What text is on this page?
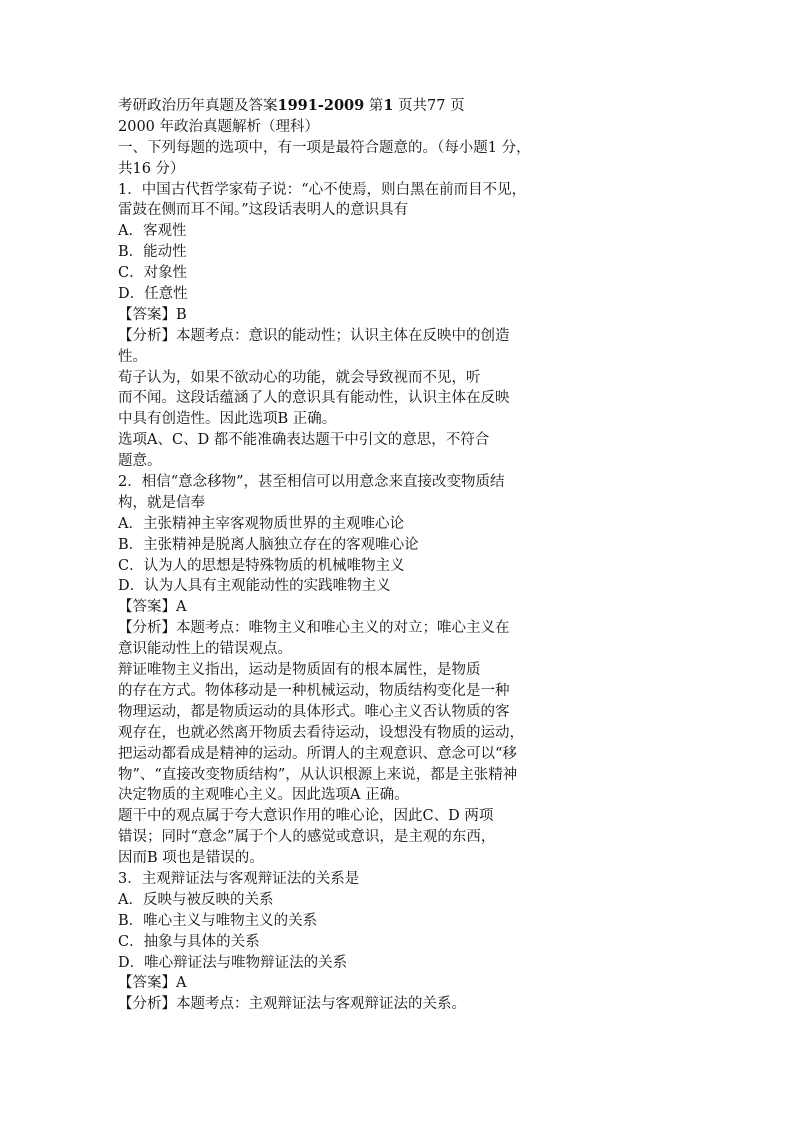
考研政治历年真题及答案1991-2009 第1 页共77 页
2000 年政治真题解析（理科）
一、下列每题的选项中，有一项是最符合题意的。（每小题1 分，
共16 分）
1．中国古代哲学家荀子说：“心不使焉，则白黑在前而目不见，
雷鼓在侧而耳不闻。”这段话表明人的意识具有
A．客观性
B．能动性
C．对象性
D．任意性
【答案】B
【分析】本题考点：意识的能动性；认识主体在反映中的创造
性。
荀子认为，如果不欲动心的功能，就会导致视而不见，听
而不闻。这段话蕴涵了人的意识具有能动性，认识主体在反映
中具有创造性。因此选项B 正确。
选项A、C、D 都不能准确表达题干中引文的意思，不符合
题意。
2．相信“意念移物”，甚至相信可以用意念来直接改变物质结
构，就是信奉
A．主张精神主宰客观物质世界的主观唯心论
B．主张精神是脱离人脑独立存在的客观唯心论
C．认为人的思想是特殊物质的机械唯物主义
D．认为人具有主观能动性的实践唯物主义
【答案】A
【分析】本题考点：唯物主义和唯心主义的对立；唯心主义在
意识能动性上的错误观点。
辩证唯物主义指出，运动是物质固有的根本属性，是物质
的存在方式。物体移动是一种机械运动，物质结构变化是一种
物理运动，都是物质运动的具体形式。唯心主义否认物质的客
观存在，也就必然离开物质去看待运动，设想没有物质的运动，
把运动都看成是精神的运动。所谓人的主观意识、意念可以“移
物”、“直接改变物质结构”，从认识根源上来说，都是主张精神
决定物质的主观唯心主义。因此选项A 正确。
题干中的观点属于夸大意识作用的唯心论，因此C、D 两项
错误；同时“意念”属于个人的感觉或意识，是主观的东西，
因而B 项也是错误的。
3．主观辩证法与客观辩证法的关系是
A．反映与被反映的关系
B．唯心主义与唯物主义的关系
C．抽象与具体的关系
D．唯心辩证法与唯物辩证法的关系
【答案】A
【分析】本题考点：主观辩证法与客观辩证法的关系。
